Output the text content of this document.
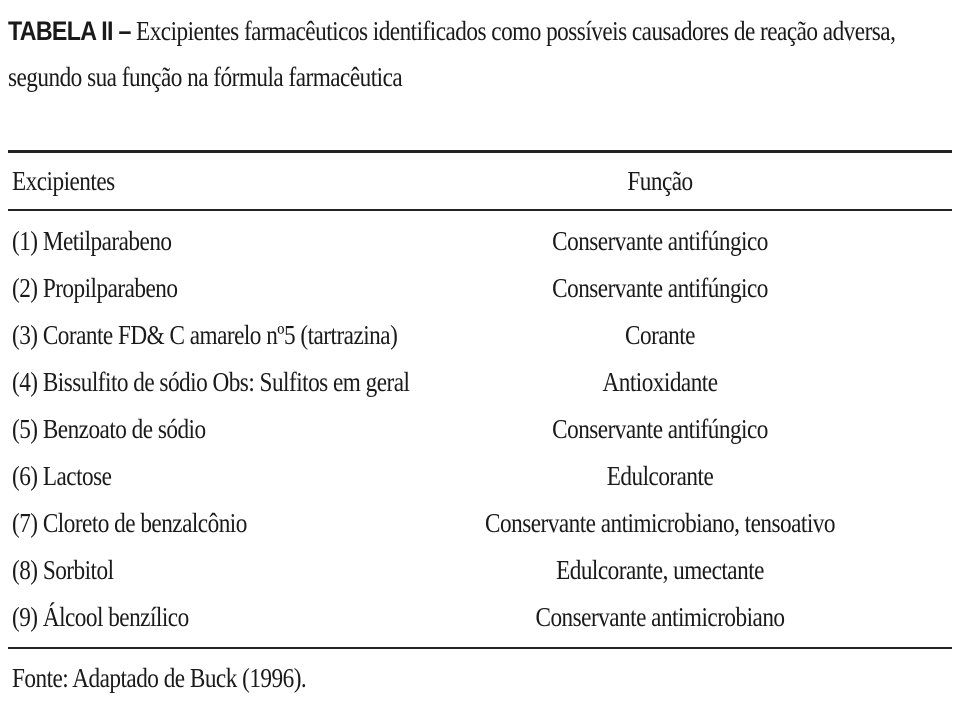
TABELA II – Excipientes farmacêuticos identificados como possíveis causadores de reação adversa, segundo sua função na fórmula farmacêutica
Excipientes	Função
(1) Metilparabeno	Conservante antifúngico
(2) Propilparabeno	Conservante antifúngico
(3) Corante FD& C amarelo nº5 (tartrazina)	Corante
(4) Bissulfito de sódio Obs: Sulfitos em geral	Antioxidante
(5) Benzoato de sódio	Conservante antifúngico
(6) Lactose	Edulcorante
(7) Cloreto de benzalcônio	Conservante antimicrobiano, tensoativo
(8) Sorbitol	Edulcorante, umectante
(9) Álcool benzílico	Conservante antimicrobiano
Fonte: Adaptado de Buck (1996).
